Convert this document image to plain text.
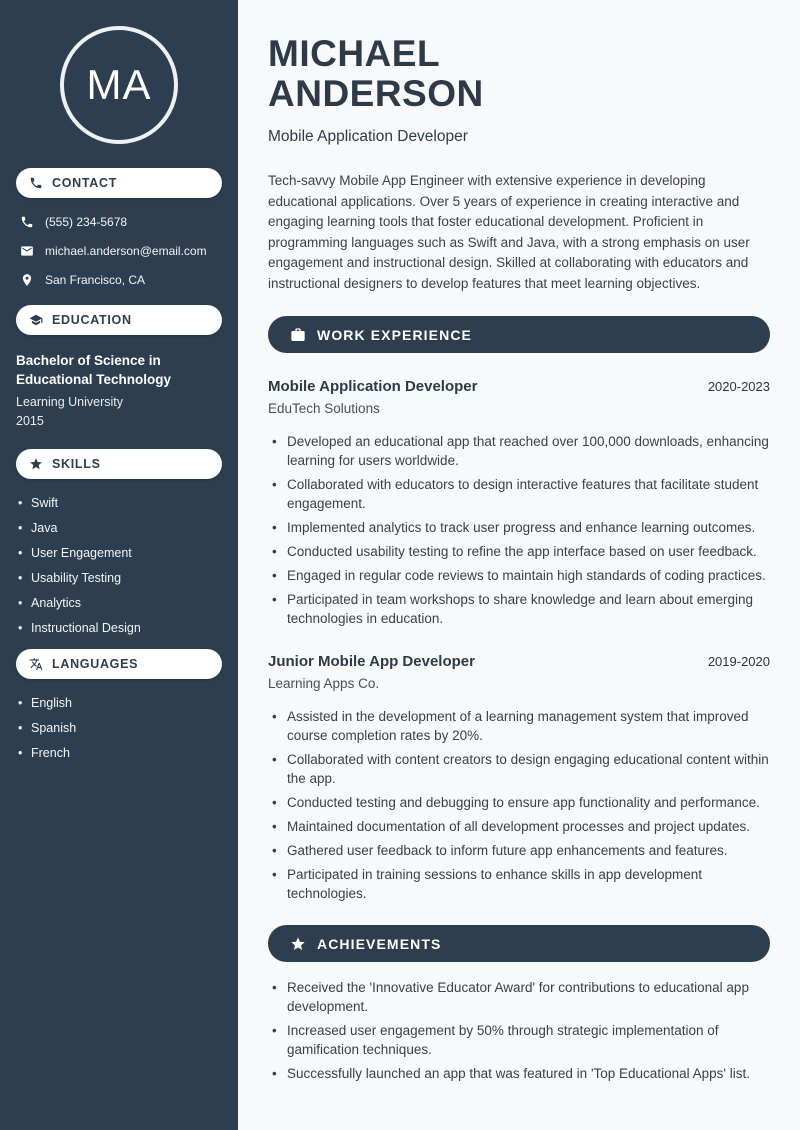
MA
CONTACT
(555) 234-5678
michael.anderson@email.com
San Francisco, CA
EDUCATION
Bachelor of Science in Educational Technology
Learning University
2015
SKILLS
• Swift
• Java
• User Engagement
• Usability Testing
• Analytics
• Instructional Design
LANGUAGES
• English
• Spanish
• French
MICHAEL
ANDERSON
Mobile Application Developer

Tech-savvy Mobile App Engineer with extensive experience in developing educational applications. Over 5 years of experience in creating interactive and engaging learning tools that foster educational development. Proficient in programming languages such as Swift and Java, with a strong emphasis on user engagement and instructional design. Skilled at collaborating with educators and instructional designers to develop features that meet learning objectives.

WORK EXPERIENCE
Mobile Application Developer	2020-2023
EduTech Solutions
• Developed an educational app that reached over 100,000 downloads, enhancing learning for users worldwide.
• Collaborated with educators to design interactive features that facilitate student engagement.
• Implemented analytics to track user progress and enhance learning outcomes.
• Conducted usability testing to refine the app interface based on user feedback.
• Engaged in regular code reviews to maintain high standards of coding practices.
• Participated in team workshops to share knowledge and learn about emerging technologies in education.
Junior Mobile App Developer	2019-2020
Learning Apps Co.
• Assisted in the development of a learning management system that improved course completion rates by 20%.
• Collaborated with content creators to design engaging educational content within the app.
• Conducted testing and debugging to ensure app functionality and performance.
• Maintained documentation of all development processes and project updates.
• Gathered user feedback to inform future app enhancements and features.
• Participated in training sessions to enhance skills in app development technologies.
ACHIEVEMENTS
• Received the 'Innovative Educator Award' for contributions to educational app development.
• Increased user engagement by 50% through strategic implementation of gamification techniques.
• Successfully launched an app that was featured in 'Top Educational Apps' list.
